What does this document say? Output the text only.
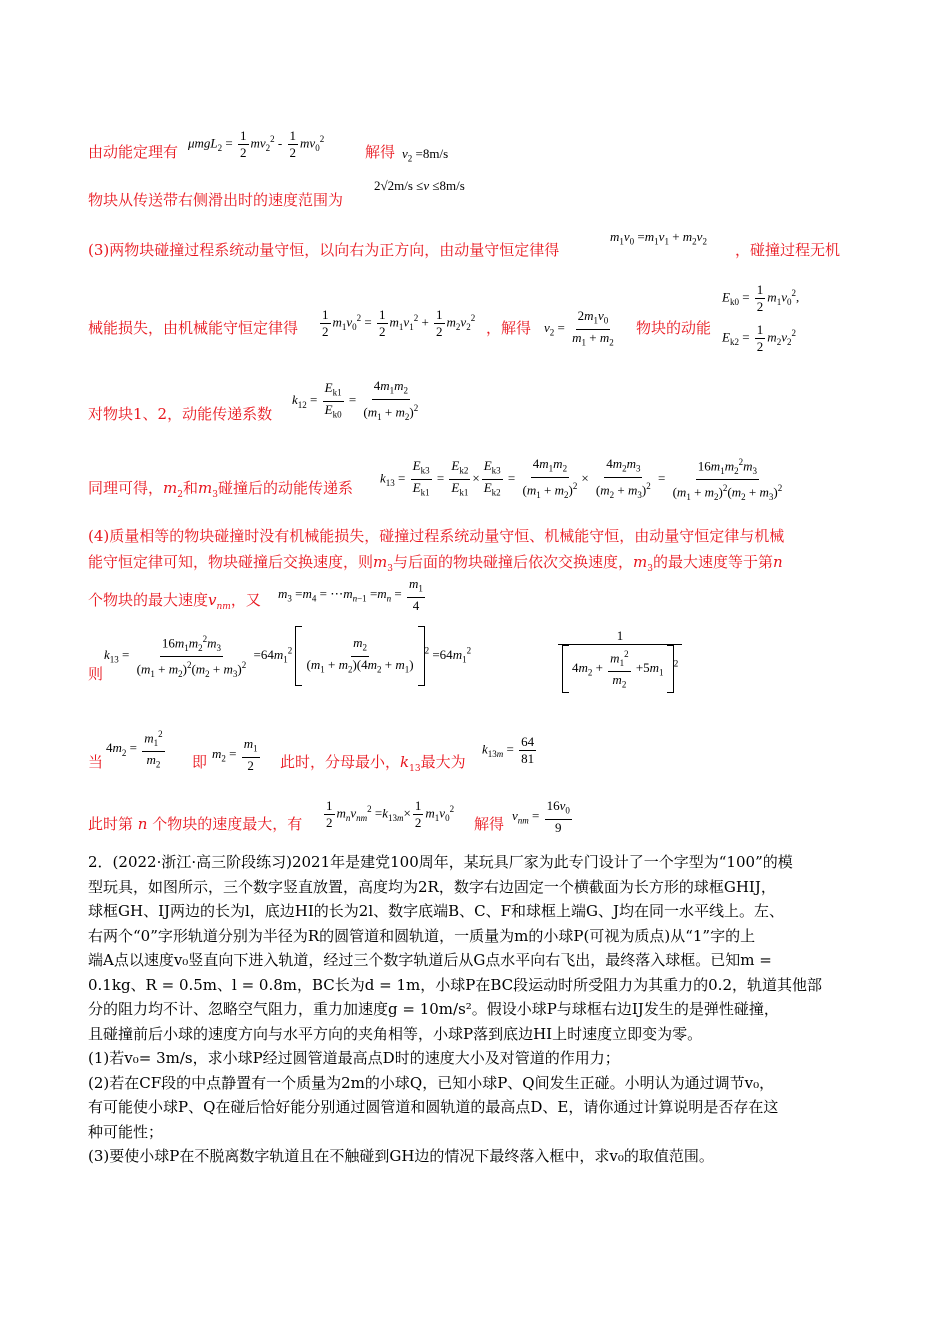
由动能定理有
$\mu mgL_2 = \frac{1}{2} mv_2^2 - \frac{1}{2} mv_0^2$
解得 $v_2 =8m/s$
物块从传送带右侧滑出时的速度范围为
2√2m/s ≤v ≤8m/s
(3)两物块碰撞过程系统动量守恒，以向右为正方向，由动量守恒定律得
$m_1v_0 =m_1v_1 + m_2v_2$ ，碰撞过程无机
械能损失，由机械能守恒定律得 $\frac{1}{2} m_1v_0^2 = \frac{1}{2} m_1v_1^2 + \frac{1}{2} m_2v_2^2$
，解得 $v_2 = \frac{2m_1v_0}{m_1 + m_2}$ 物块的动能
$E_{k0} = \frac{1}{2} m_1v_0^2$,
$E_{k2} = \frac{1}{2} m_2v_2^2$
对物块1、2，动能传递系数
$k_{12} = \frac{E_{k1}}{E_{k0}} = \frac{4m_1m_2}{(m_1 + m_2)^2}$
同理可得，$m_2$和$m_3$碰撞后的动能传递系
$k_{13} = \frac{E_{k3}}{E_{k1}} = \frac{E_{k2}}{E_{k1}} \times \frac{E_{k3}}{E_{k2}} = \frac{4m_1m_2}{(m_1 + m_2)^2} \times \frac{4m_2m_3}{(m_2 + m_3)^2} = \frac{16m_1m_2^2m_3}{(m_1 + m_2)^2(m_2 + m_3)^2}$
(4)质量相等的物块碰撞时没有机械能损失，碰撞过程系统动量守恒、机械能守恒，由动量守恒定律与机械
能守恒定律可知，物块碰撞后交换速度，则$m_3$与后面的物块碰撞后依次交换速度，$m_3$的最大速度等于第n
个物块的最大速度$v_{nm}$，又 $m_3 =m_4$ = $\cdots m_{n-1} =m_n = \frac{m_1}{4}$
则
$k_{13} = \frac{16m_1m_2^2m_3}{(m_1 + m_2)^2(m_2 + m_3)^2} =64m_1^2 \frac{m_2}{(m_1 + m_2)(4m_2 + m_1)} ^2 =64m_1^2$	$\frac{1}{4m_2 + \frac{m_1^2}{m_2} +5m_1 ^2}$
当
$4m_2 = \frac{m_1^2}{m_2}$ 即 $m_2 = \frac{m_1}{2}$ 此时，分母最小，$k_{13}$最大为
$k_{13m} = \frac{64}{81}$
此时第 n 个物块的速度最大，有 $\frac{1}{2} m_nv_{nm}^2 =k_{13m}\times \frac{1}{2} m_1v_0^2$
解得 $v_{nm} = \frac{16v_0}{9}$
2．(2022·浙江·高三阶段练习)2021年是建党100周年，某玩具厂家为此专门设计了一个字型为“100”的模
型玩具，如图所示，三个数字竖直放置，高度均为2R，数字右边固定一个横截面为长方形的球框GHIJ，
球框GH、IJ两边的长为l，底边HI的长为2l、数字底端B、C、F和球框上端G、J均在同一水平线上。左、
右两个“0”字形轨道分别为半径为R的圆管道和圆轨道，一质量为m的小球P(可视为质点)从“1”字的上
端A点以速度v₀竖直向下进入轨道，经过三个数字轨道后从G点水平向右飞出，最终落入球框。已知m =
0.1kg、R = 0.5m、l = 0.8m，BC长为d = 1m，小球P在BC段运动时所受阻力为其重力的0.2，轨道其他部
分的阻力均不计、忽略空气阻力，重力加速度g = 10m/s²。假设小球P与球框右边IJ发生的是弹性碰撞，
且碰撞前后小球的速度方向与水平方向的夹角相等，小球P落到底边HI上时速度立即变为零。
(1)若v₀= 3m/s，求小球P经过圆管道最高点D时的速度大小及对管道的作用力；
(2)若在CF段的中点静置有一个质量为2m的小球Q，已知小球P、Q间发生正碰。小明认为通过调节v₀，
有可能使小球P、Q在碰后恰好能分别通过圆管道和圆轨道的最高点D、E，请你通过计算说明是否存在这
种可能性；
(3)要使小球P在不脱离数字轨道且在不触碰到GH边的情况下最终落入框中，求v₀的取值范围。
